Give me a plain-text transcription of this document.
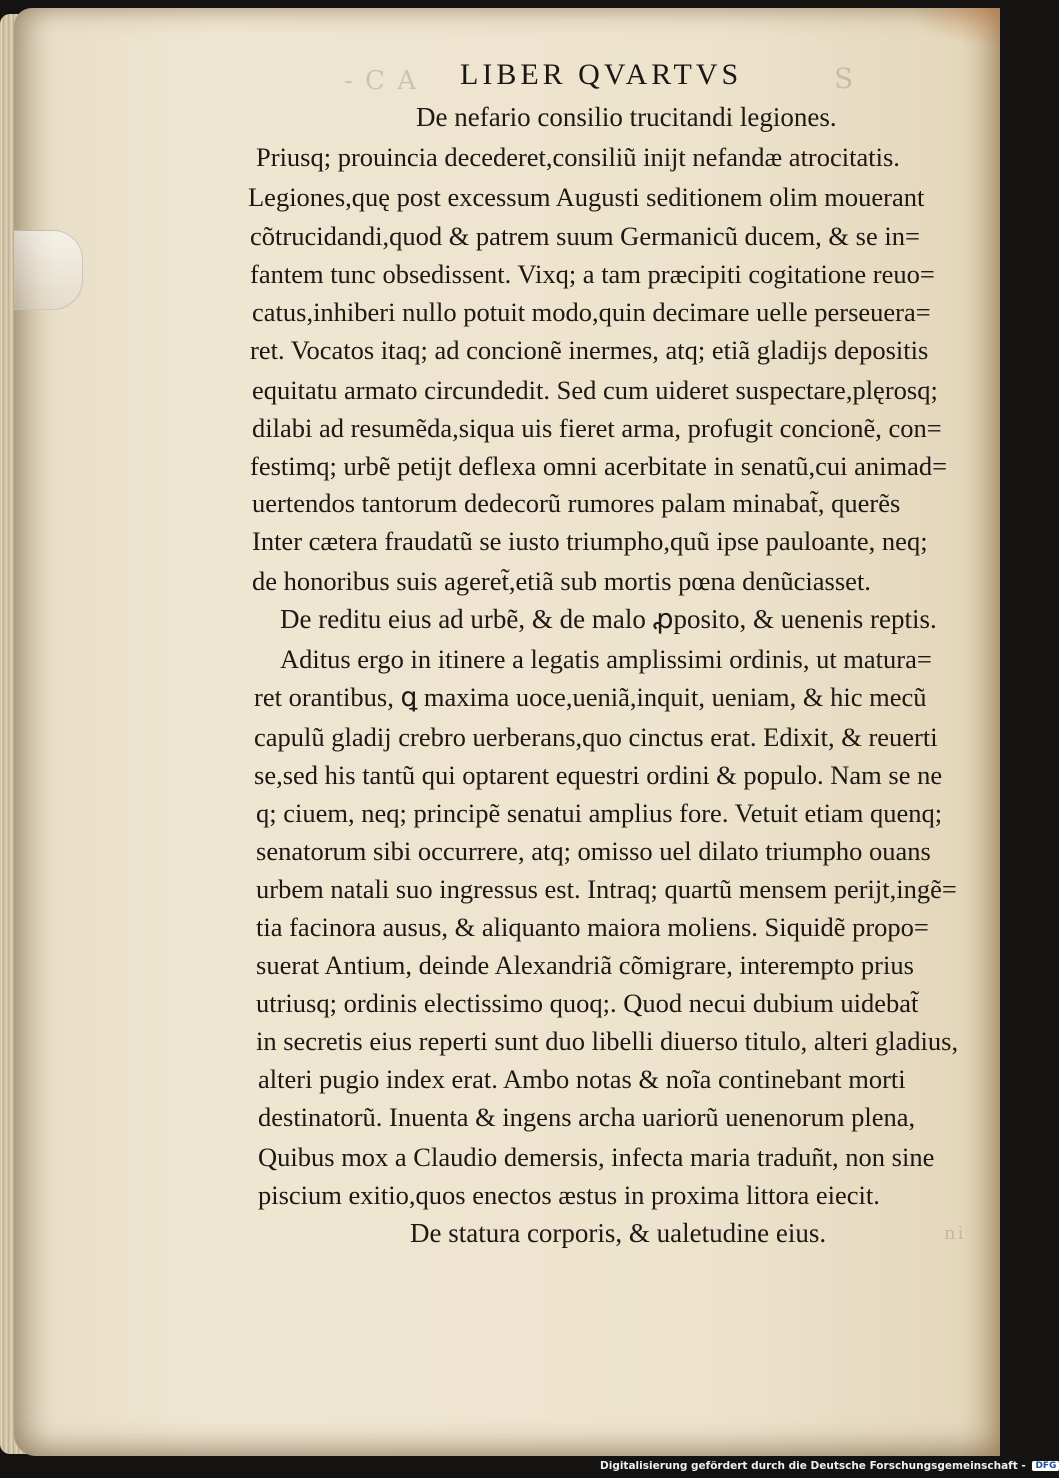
- C A	S
ni
LIBER QVARTVS
De nefario consilio trucitandi legiones.
Priusq; prouincia decederet,consiliũ iniјt nefandæ atrocitatis.
Legiones,quę post excessum Augusti seditionem olim mouerant
cõtrucidandi,quod & patrem suum Germanicũ ducem, & se in=
fantem tunc obsedissent. Vixq; a tam præcipiti cogitatione reuo=
catus,inhiberi nullo potuit modo,quin decimare uelle perseuera=
ret. Vocatos itaq; ad concionẽ inermes, atq; etiã gladijs depositis
equitatu armato circundedit. Sed cum uideret suspectare,plęrosq;
dilabi ad resumẽda,siqua uis fieret arma, profugit concionẽ, con=
festimq; urbẽ petijt deflexa omni acerbitate in senatũ,cui animad=
uertendos tantorum dedecorũ rumores palam minabat̃, querẽs
Inter cætera fraudatũ se iusto triumpho,quũ ipse pauloante, neq;
de honoribus suis ageret̃,etiã sub mortis pœna denũciasset.
De reditu eius ad urbẽ, & de malo ꝓposito, & uenenis reptis.
Aditus ergo in itinere a legatis amplissimi ordinis, ut matura=
ret orantibus, ꝗ maxima uoce,ueniã,inquit, ueniam, & hic mecũ
capulũ gladij crebro uerberans,quo cinctus erat. Edixit, & reuerti
se,sed his tantũ qui optarent equestri ordini & populo. Nam se ne
q; ciuem, neq; principẽ senatui amplius fore. Vetuit etiam quenq;
senatorum sibi occurrere, atq; omisso uel dilato triumpho ouans
urbem natali suo ingressus est. Intraq; quartũ mensem perijt,ingẽ=
tia facinora ausus, & aliquanto maiora moliens. Siquidẽ propo=
suerat Antium, deinde Alexandriã cõmigrare, interempto prius
utriusq; ordinis electissimo quoq;. Quod necui dubium uidebat̃
in secretis eius reperti sunt duo libelli diuerso titulo, alteri gladius,
alteri pugio index erat. Ambo notas & noĩa continebant morti
destinatorũ. Inuenta & ingens archa uariorũ uenenorum plena,
Quibus mox a Claudio demersis, infecta maria traduñt, non sine
piscium exitio,quos enectos æstus in proxima littora eiecit.
De statura corporis, & ualetudine eius.
Digitalisierung gefördert durch die Deutsche Forschungsgemeinschaft - DFG
